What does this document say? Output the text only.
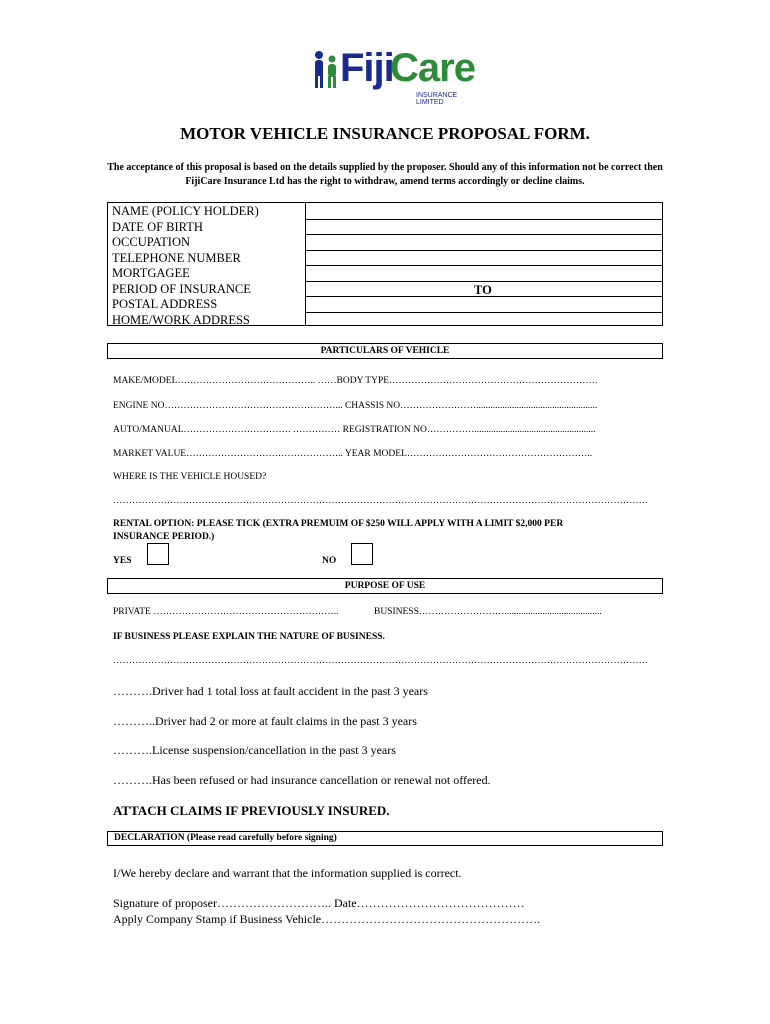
Fiji
Care
INSURANCE LIMITED
MOTOR VEHICLE INSURANCE PROPOSAL FORM.
The acceptance of this proposal is based on the details supplied by the proposer. Should any of this information not be correct then FijiCare Insurance Ltd has the right to withdraw, amend terms accordingly or decline claims.
NAME (POLICY HOLDER)
DATE OF BIRTH
OCCUPATION
TELEPHONE NUMBER
MORTGAGEE
PERIOD OF INSURANCE
POSTAL ADDRESS
HOME/WORK ADDRESS
TO
PARTICULARS OF VEHICLE
MAKE/MODEL…………………………………….. ……BODY TYPE…………………………………………………………
ENGINE NO………………………………………………... CHASSIS NO……………………...................................................
AUTO/MANUAL……………………………. …………… REGISTRATION NO……………...................................................
MARKET VALUE………………………………………….. YEAR MODEL…………………………………………………..
WHERE IS THE VEHICLE HOUSED?
…………………………………………………………………………………………………………………………………………………….
RENTAL OPTION: PLEASE TICK (EXTRA PREMUIM OF $250 WILL APPLY WITH A LIMIT $2,000 PER INSURANCE PERIOD.)
YES	NO
PURPOSE OF USE
PRIVATE …………………………………………………..	BUSINESS……………………….........................................
IF BUSINESS PLEASE EXPLAIN THE NATURE OF BUSINESS.
…………………………………………………………………………………………………………………………………………………….
……….Driver had 1 total loss at fault accident in the past 3 years
………..Driver had 2 or more at fault claims in the past 3 years
……….License suspension/cancellation in the past 3 years
……….Has been refused or had insurance cancellation or renewal not offered.
ATTACH CLAIMS IF PREVIOUSLY INSURED.
DECLARATION (Please read carefully before signing)
I/We hereby declare and warrant that the information supplied is correct.
Signature of proposer……………………….. Date……………………………………
Apply Company Stamp if Business Vehicle……………………………………………….
